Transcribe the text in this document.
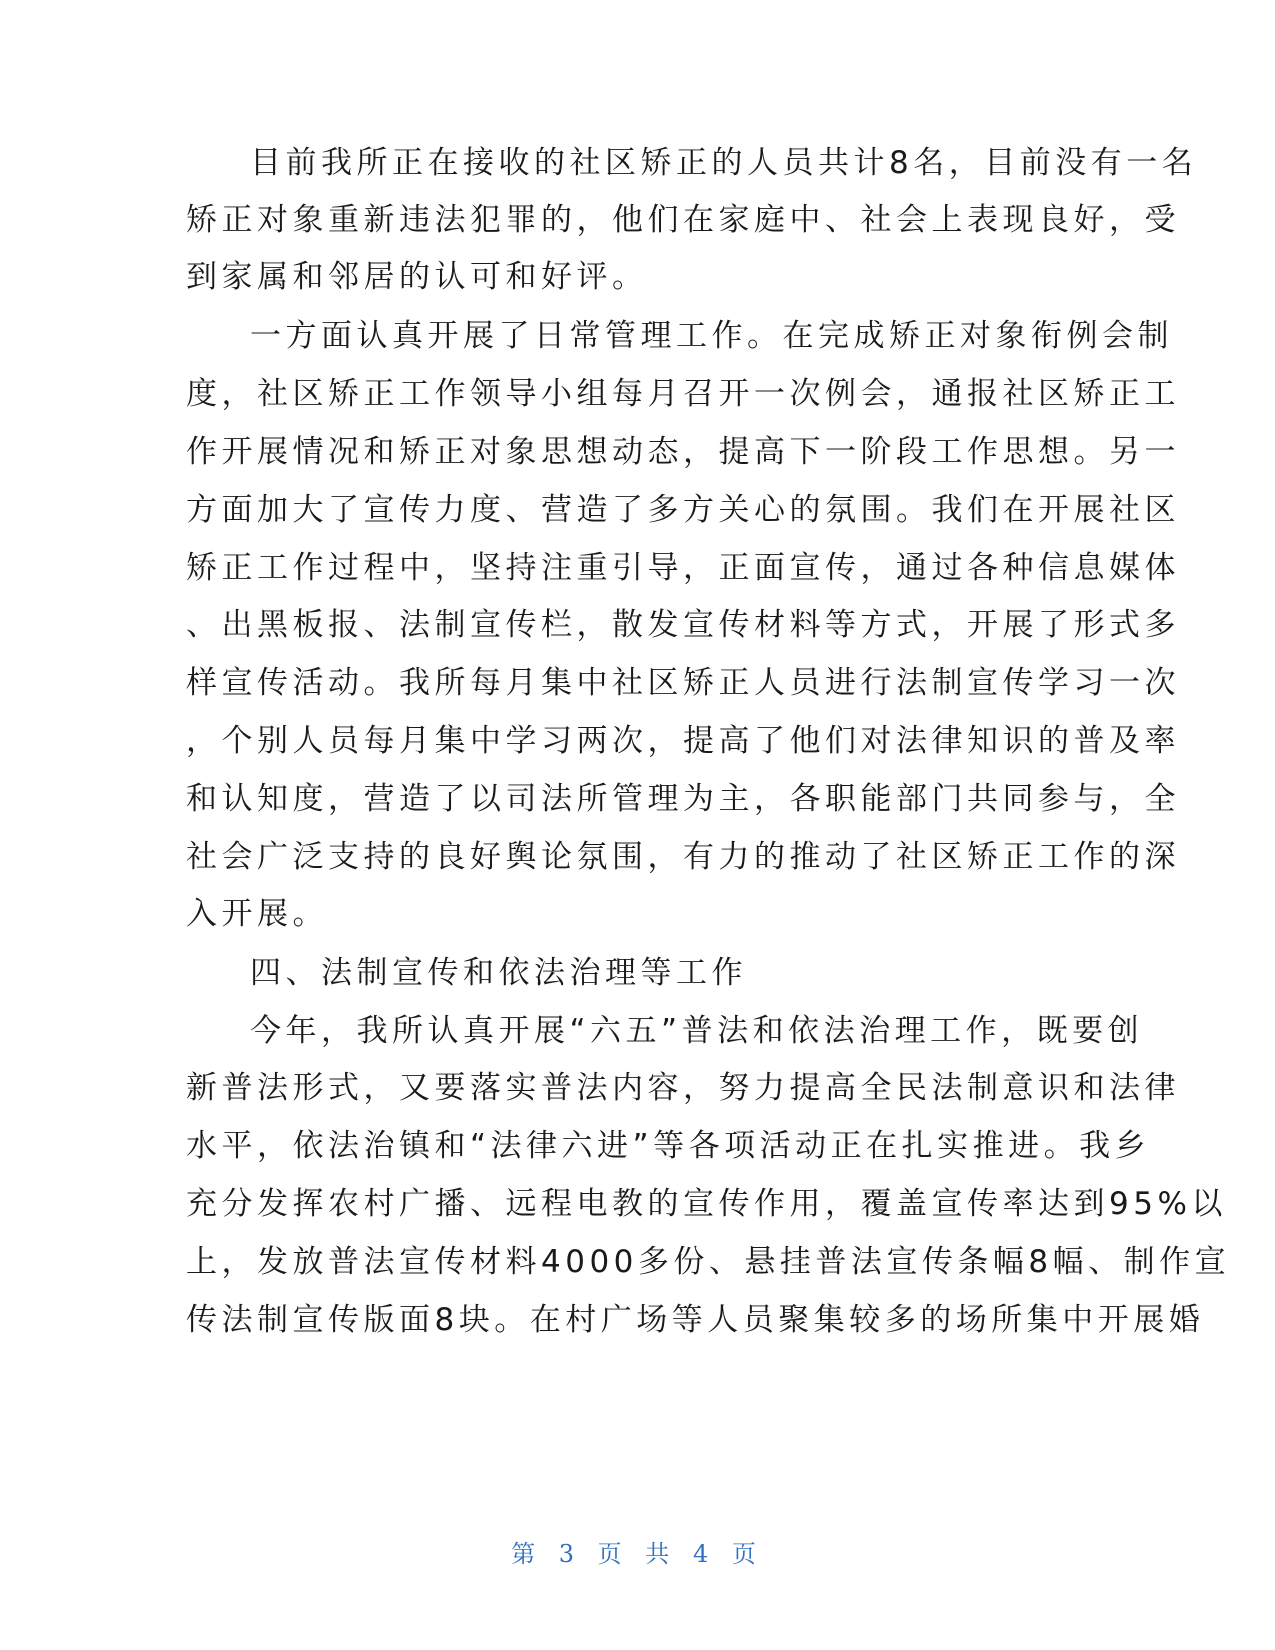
目前我所正在接收的社区矫正的人员共计8名，目前没有一名
矫正对象重新违法犯罪的，他们在家庭中、社会上表现良好，受
到家属和邻居的认可和好评。
一方面认真开展了日常管理工作。在完成矫正对象衔例会制
度，社区矫正工作领导小组每月召开一次例会，通报社区矫正工
作开展情况和矫正对象思想动态，提高下一阶段工作思想。另一
方面加大了宣传力度、营造了多方关心的氛围。我们在开展社区
矫正工作过程中，坚持注重引导，正面宣传，通过各种信息媒体
、出黑板报、法制宣传栏，散发宣传材料等方式，开展了形式多
样宣传活动。我所每月集中社区矫正人员进行法制宣传学习一次
，个别人员每月集中学习两次，提高了他们对法律知识的普及率
和认知度，营造了以司法所管理为主，各职能部门共同参与，全
社会广泛支持的良好舆论氛围，有力的推动了社区矫正工作的深
入开展。
四、法制宣传和依法治理等工作
今年，我所认真开展“六五”普法和依法治理工作，既要创
新普法形式，又要落实普法内容，努力提高全民法制意识和法律
水平，依法治镇和“法律六进”等各项活动正在扎实推进。我乡
充分发挥农村广播、远程电教的宣传作用，覆盖宣传率达到95%以
上，发放普法宣传材料4000多份、悬挂普法宣传条幅8幅、制作宣
传法制宣传版面8块。在村广场等人员聚集较多的场所集中开展婚
第 3 页 共 4 页
